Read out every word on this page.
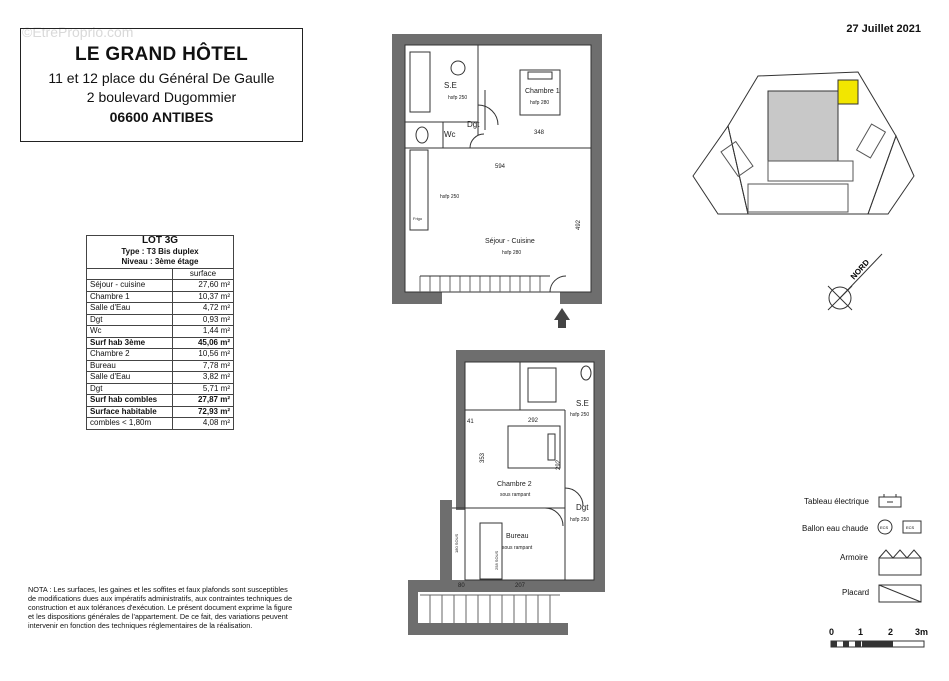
©EtreProprio.com	27 Juillet 2021
LE GRAND HÔTEL
11 et 12 place du Général De Gaulle
2 boulevard Dugommier
06600 ANTIBES
LOT 3G	
Type : T3 Bis duplex	
Niveau : 3ème étage	
	surface
Séjour - cuisine	27,60 m²
Chambre 1	10,37 m²
Salle d'Eau	4,72 m²
Dgt	0,93 m²
Wc	1,44 m²
Surf hab 3ème	45,06 m²
Chambre 2	10,56 m²
Bureau	7,78 m²
Salle d'Eau	3,82 m²
Dgt	5,71 m²
Surf hab combles	27,87 m²
Surface habitable	72,93 m²
combles < 1,80m	4,08 m²
NOTA : Les surfaces, les gaines et les soffites et faux plafonds sont susceptibles de modifications dues aux impératifs administratifs, aux contraintes techniques de construction et aux tolérances d'exécution. Le présent document exprime la figure et les dispositions générales de l'appartement. De ce fait, des variations peuvent intervenir en fonction des techniques réglementaires de la réalisation.
S.E
hsfp 250
Chambre 1
hsfp 280
Dgt
Wc	348
594
492
hsfp 250
Séjour - Cuisine
hsfp 280
Frigo
S.E
hsfp 250
292
41
353
292
Chambre 2
sous rampant
Dgt
hsfp 250
Bureau
sous rampant
180 SOUS
258 SOUS
80	207
NORD
Tableau électrique
Ballon eau chaude	ECS	ECS
Armoire
Placard
0	1	2 3m
